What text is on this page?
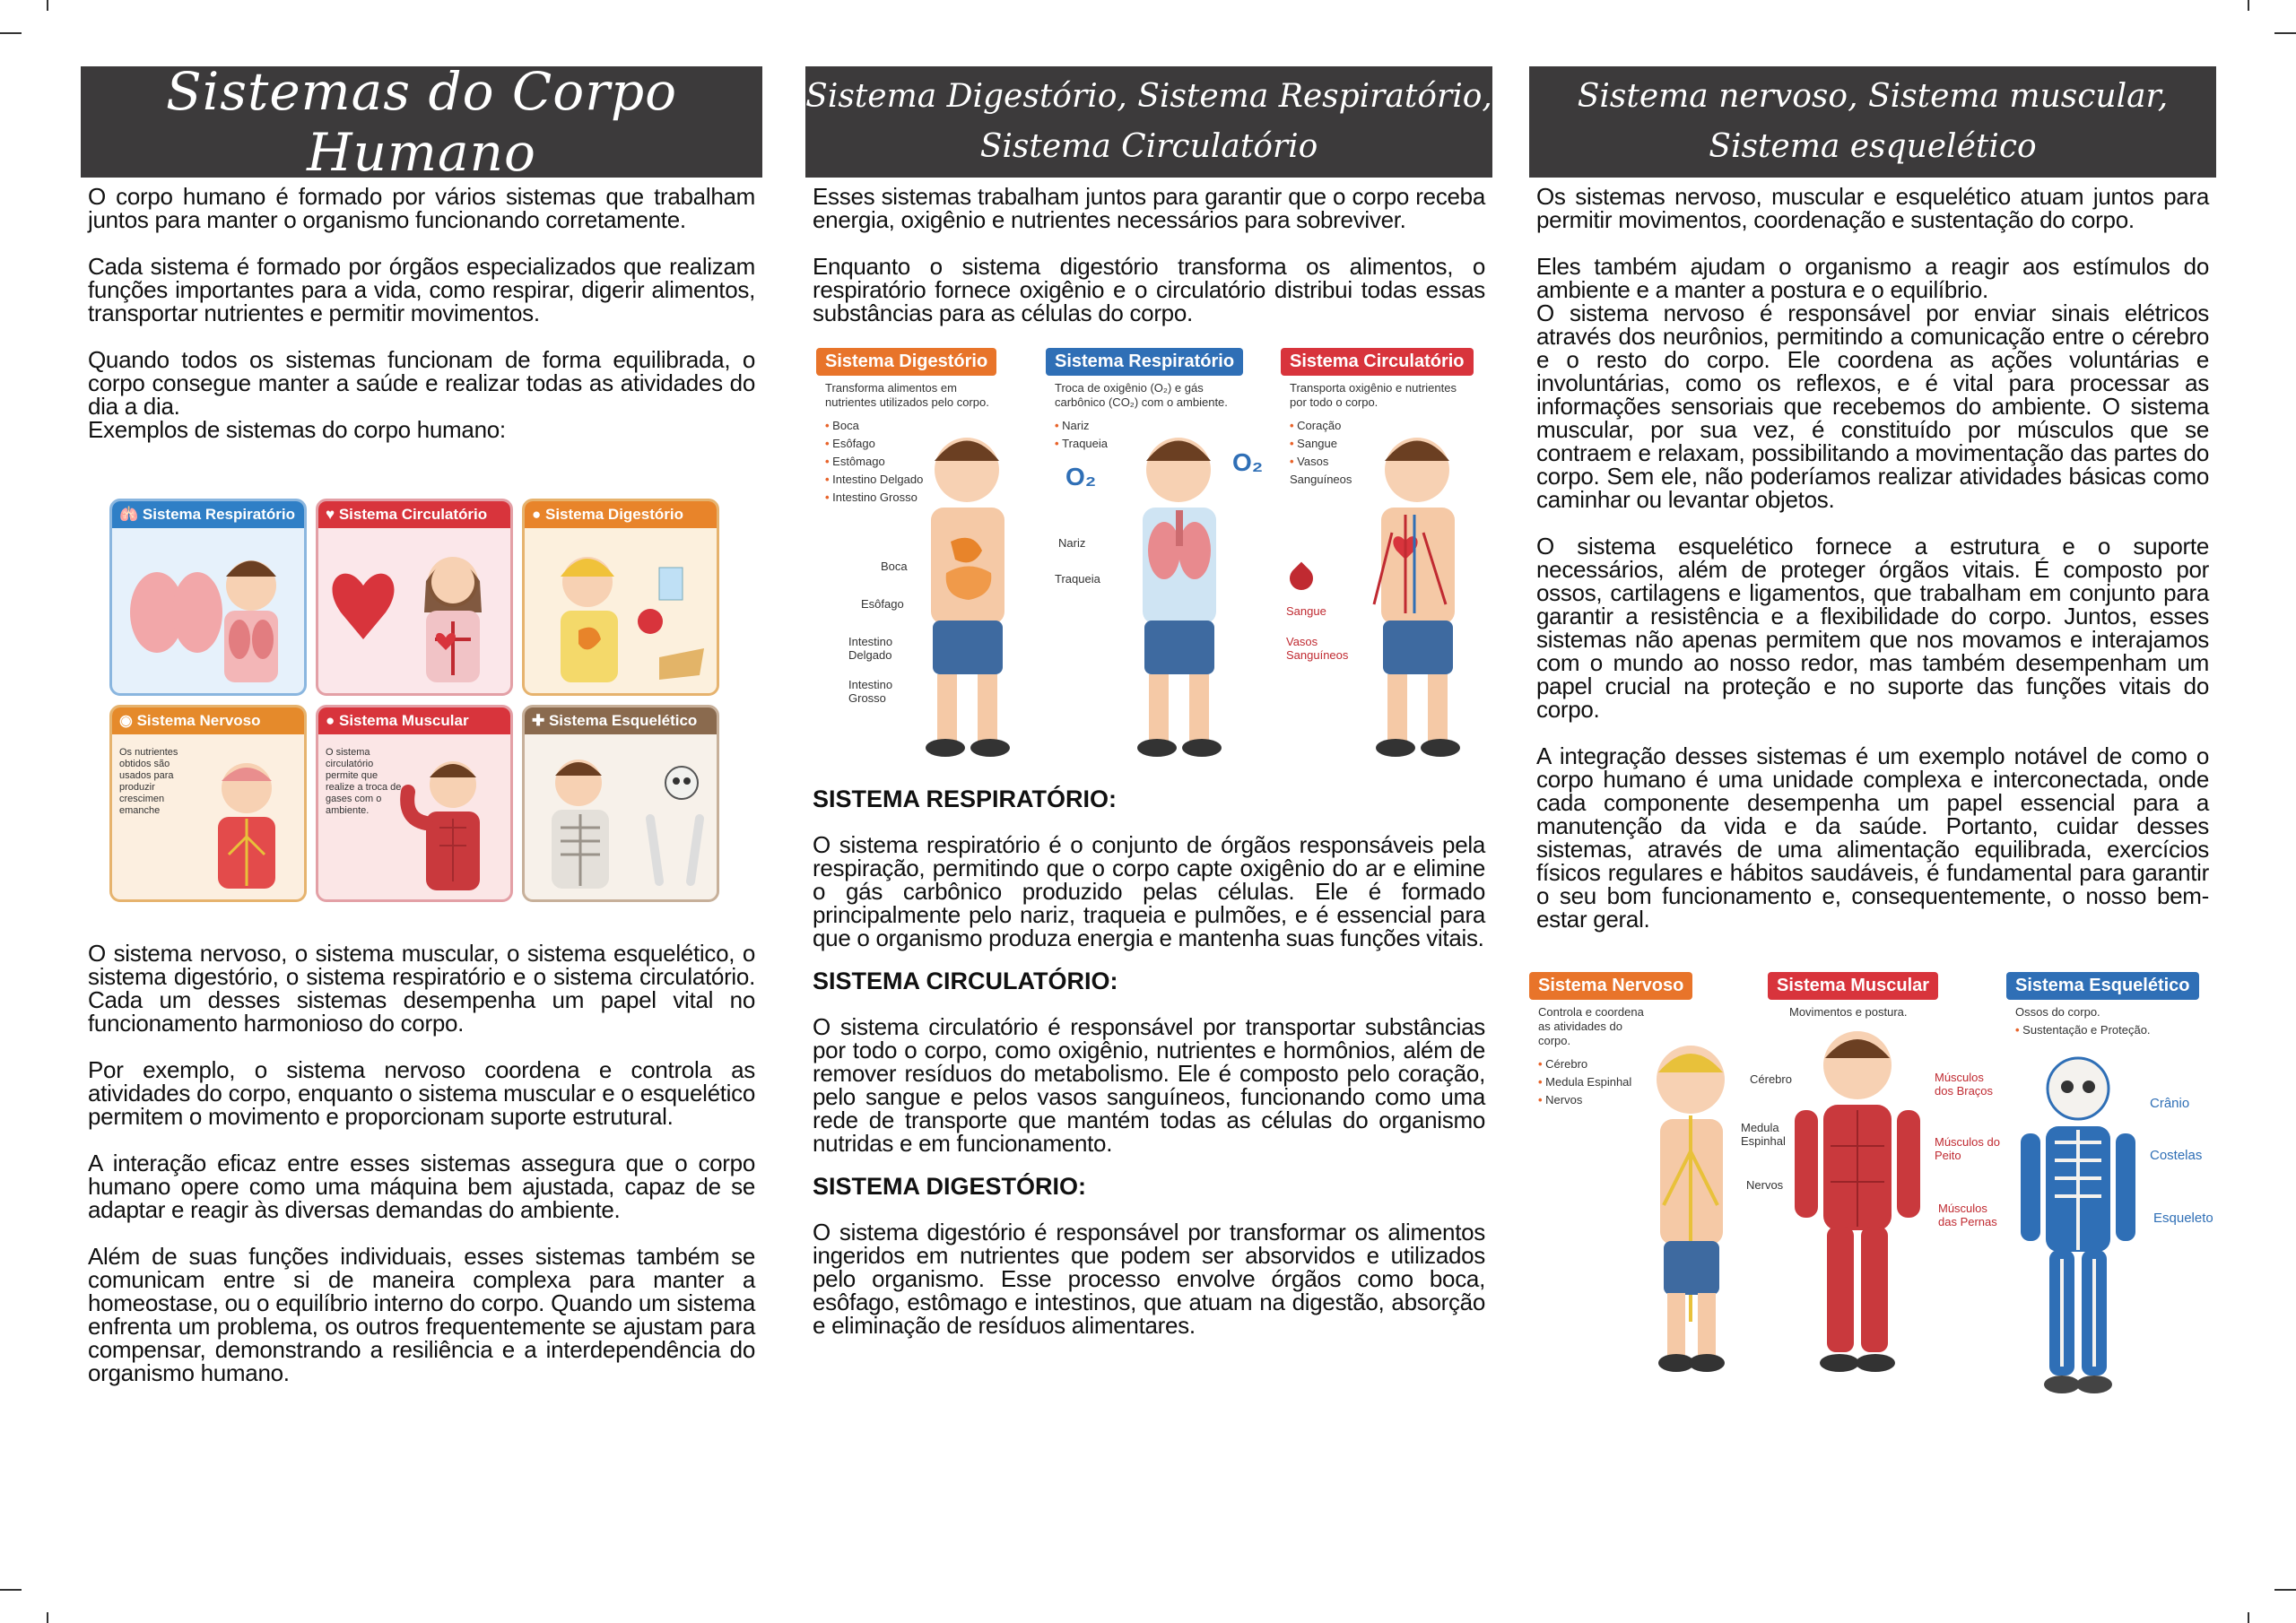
Sistemas do Corpo Humano

O corpo humano é formado por vários sistemas que trabalham juntos para manter o organismo funcionando corretamente.

Cada sistema é formado por órgãos especializados que realizam funções importantes para a vida, como respirar, digerir alimentos, transportar nutrientes e permitir movimentos.

Quando todos os sistemas funcionam de forma equilibrada, o corpo consegue manter a saúde e realizar todas as atividades do dia a dia.

Exemplos de sistemas do corpo humano:

🫁 Sistema Respiratório ♥ Sistema Circulatório	● Sistema Digestório
◉ Sistema Nervoso
Os nutrientes obtidos são usados para produzir crescimen emanche
● Sistema Muscular
O sistema circulatório permite que realize a troca de gases com o ambiente.
✚ Sistema Esquelético

O sistema nervoso, o sistema muscular, o sistema esquelético, o sistema digestório, o sistema respiratório e o sistema circulatório. Cada um desses sistemas desempenha um papel vital no funcionamento harmonioso do corpo.

Por exemplo, o sistema nervoso coordena e controla as atividades do corpo, enquanto o sistema muscular e o esquelético permitem o movimento e proporcionam suporte estrutural.

A interação eficaz entre esses sistemas assegura que o corpo humano opere como uma máquina bem ajustada, capaz de se adaptar e reagir às diversas demandas do ambiente.

Além de suas funções individuais, esses sistemas também se comunicam entre si de maneira complexa para manter a homeostase, ou o equilíbrio interno do corpo. Quando um sistema enfrenta um problema, os outros frequentemente se ajustam para compensar, demonstrando a resiliência e a interdependência do organismo humano.

Sistema Digestório, Sistema Respiratório,
Sistema Circulatório

Esses sistemas trabalham juntos para garantir que o corpo receba energia, oxigênio e nutrientes necessários para sobreviver.

Enquanto o sistema digestório transforma os alimentos, o respiratório fornece oxigênio e o circulatório distribui todas essas substâncias para as células do corpo.

Sistema Digestório
Transforma alimentos em nutrientes utilizados pelo corpo.
• Boca
• Esôfago
• Estômago
• Intestino Delgado
• Intestino Grosso
Boca
Esôfago
Intestino Delgado
Intestino Grosso
Sistema Respiratório
Troca de oxigênio (O₂) e gás carbônico (CO₂) com o ambiente.
• Nariz
• Traqueia
O₂
O₂
Nariz
Traqueia
Sistema Circulatório
Transporta oxigênio e nutrientes por todo o corpo.
• Coração
• Sangue
• Vasos Sanguíneos
Sangue
Vasos Sanguíneos
SISTEMA RESPIRATÓRIO:

O sistema respiratório é o conjunto de órgãos responsáveis pela respiração, permitindo que o corpo capte oxigênio do ar e elimine o gás carbônico produzido pelas células. Ele é formado principalmente pelo nariz, traqueia e pulmões, e é essencial para que o organismo produza energia e mantenha suas funções vitais.

SISTEMA CIRCULATÓRIO:

O sistema circulatório é responsável por transportar substâncias por todo o corpo, como oxigênio, nutrientes e hormônios, além de remover resíduos do metabolismo. Ele é composto pelo coração, pelo sangue e pelos vasos sanguíneos, funcionando como uma rede de transporte que mantém todas as células do organismo nutridas e em funcionamento.

SISTEMA DIGESTÓRIO:

O sistema digestório é responsável por transformar os alimentos ingeridos em nutrientes que podem ser absorvidos e utilizados pelo organismo. Esse processo envolve órgãos como boca, esôfago, estômago e intestinos, que atuam na digestão, absorção e eliminação de resíduos alimentares.

Sistema nervoso, Sistema muscular,
Sistema esquelético

Os sistemas nervoso, muscular e esquelético atuam juntos para permitir movimentos, coordenação e sustentação do corpo.

Eles também ajudam o organismo a reagir aos estímulos do ambiente e a manter a postura e o equilíbrio.

O sistema nervoso é responsável por enviar sinais elétricos através dos neurônios, permitindo a comunicação entre o cérebro e o resto do corpo. Ele coordena as ações voluntárias e involuntárias, como os reflexos, e é vital para processar as informações sensoriais que recebemos do ambiente. O sistema muscular, por sua vez, é constituído por músculos que se contraem e relaxam, possibilitando a movimentação das partes do corpo. Sem ele, não poderíamos realizar atividades básicas como caminhar ou levantar objetos.

O sistema esquelético fornece a estrutura e o suporte necessários, além de proteger órgãos vitais. É composto por ossos, cartilagens e ligamentos, que trabalham em conjunto para garantir a resistência e a flexibilidade do corpo. Juntos, esses sistemas não apenas permitem que nos movamos e interajamos com o mundo ao nosso redor, mas também desempenham um papel crucial na proteção e no suporte das funções vitais do corpo.

A integração desses sistemas é um exemplo notável de como o corpo humano é uma unidade complexa e interconectada, onde cada componente desempenha um papel essencial para a manutenção da vida e da saúde. Portanto, cuidar desses sistemas, através de uma alimentação equilibrada, exercícios físicos regulares e hábitos saudáveis, é fundamental para garantir o seu bom funcionamento e, consequentemente, o nosso bem-estar geral.

Sistema Nervoso
Controla e coordena as atividades do corpo.
• Cérebro
• Medula Espinhal
• Nervos
Cérebro
Medula Espinhal
Nervos
Sistema Muscular
Movimentos e postura.
Músculos dos Braços
Músculos do Peito
Músculos das Pernas
Sistema Esquelético
Ossos do corpo.
• Sustentação e Proteção.
Crânio
Costelas
Esqueleto
